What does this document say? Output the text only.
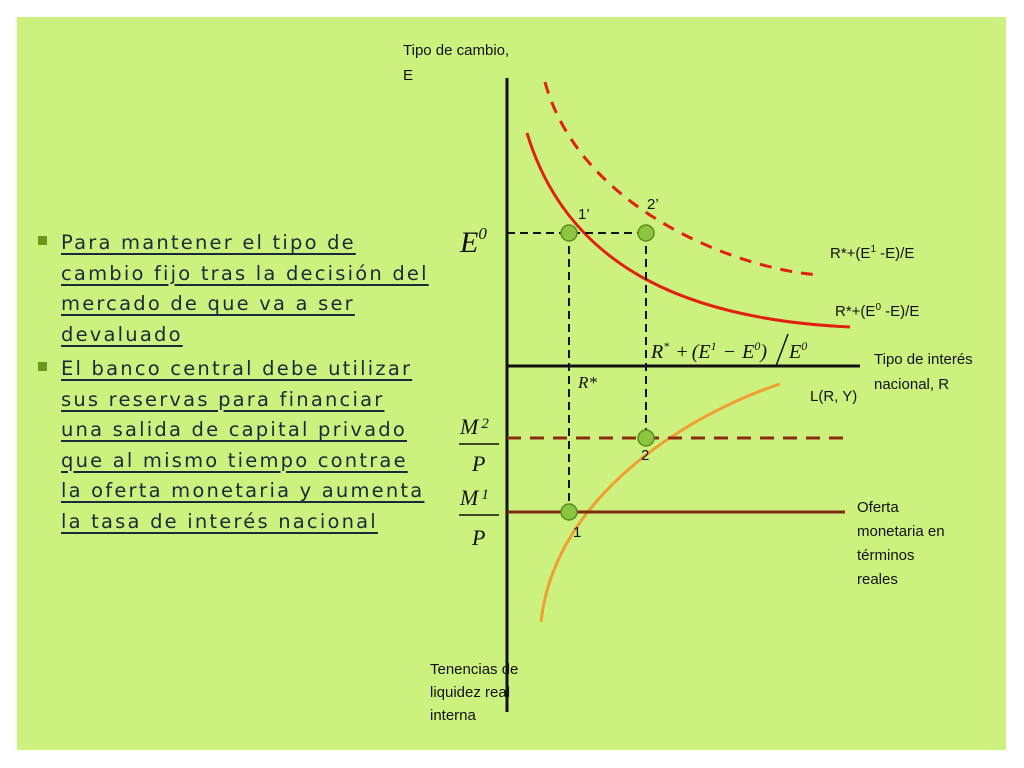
Para mantener el tipo de cambio fijo tras la decisión del mercado de que va a ser devaluado
El banco central debe utilizar sus reservas para financiar una salida de capital privado que al mismo tiempo contrae la oferta monetaria y aumenta la tasa de interés nacional
1’
2’
2
1
Tipo de cambio,
E
Tipo de interés
nacional, R
Tenencias de
liquidez real
interna
$R*+(E^1$ -E)/E
$R*+(E^0$ -E)/E
L(R, Y)
Oferta
monetaria en
términos
reales
$E^0$
R*
$R^* + (E^1 - E^0)$ $E^0$
M $^2$
P
M $^1$
P
